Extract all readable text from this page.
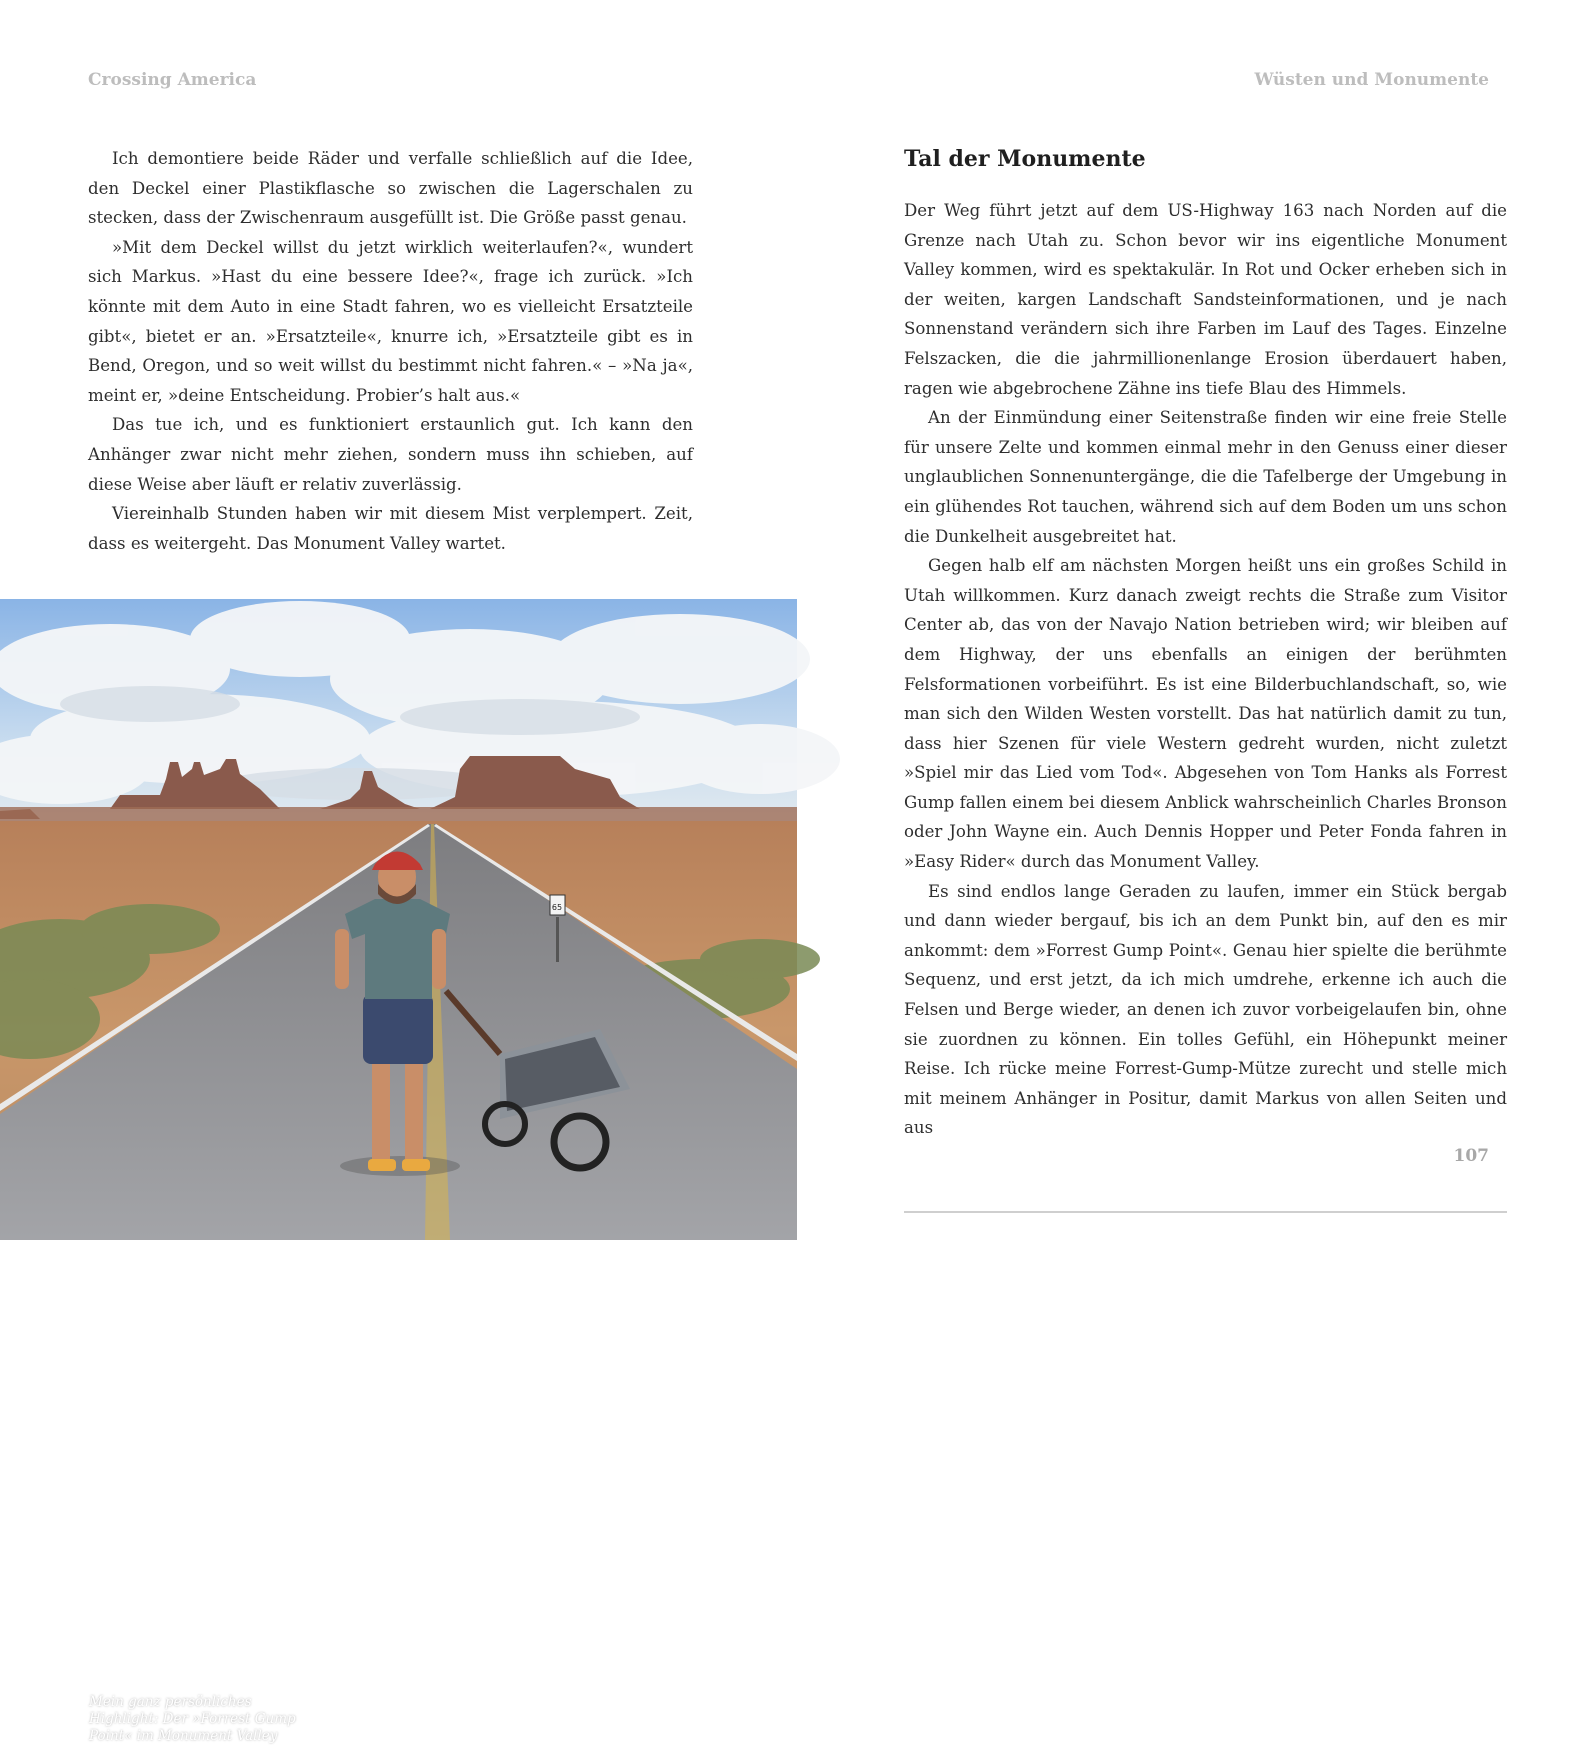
Crossing America	Wüsten und Monumente

Ich demontiere beide Räder und verfalle schließlich auf die Idee, den Deckel einer Plastikflasche so zwischen die Lagerschalen zu stecken, dass der Zwischenraum ausgefüllt ist. Die Größe passt genau.

»Mit dem Deckel willst du jetzt wirklich weiterlaufen?«, wundert sich Markus. »Hast du eine bessere Idee?«, frage ich zurück. »Ich könnte mit dem Auto in eine Stadt fahren, wo es vielleicht Ersatzteile gibt«, bietet er an. »Ersatzteile«, knurre ich, »Ersatzteile gibt es in Bend, Oregon, und so weit willst du bestimmt nicht fahren.« – »Na ja«, meint er, »deine Entscheidung. Probier’s halt aus.«

Das tue ich, und es funktioniert erstaunlich gut. Ich kann den Anhänger zwar nicht mehr ziehen, sondern muss ihn schieben, auf diese Weise aber läuft er relativ zuverlässig.

Viereinhalb Stunden haben wir mit diesem Mist verplempert. Zeit, dass es weitergeht. Das Monument Valley wartet.

65
Mein ganz persönliches Highlight: Der »Forrest Gump Point« im Monument Valley
Tal der Monumente

Der Weg führt jetzt auf dem US-Highway 163 nach Norden auf die Grenze nach Utah zu. Schon bevor wir ins eigentliche Monument Valley kommen, wird es spektakulär. In Rot und Ocker erheben sich in der weiten, kargen Landschaft Sandsteinformationen, und je nach Sonnenstand verändern sich ihre Farben im Lauf des Tages. Einzelne Felszacken, die die jahrmillionenlange Erosion überdauert haben, ragen wie abgebrochene Zähne ins tiefe Blau des Himmels.

An der Einmündung einer Seitenstraße finden wir eine freie Stelle für unsere Zelte und kommen einmal mehr in den Genuss einer dieser unglaublichen Sonnenuntergänge, die die Tafelberge der Umgebung in ein glühendes Rot tauchen, während sich auf dem Boden um uns schon die Dunkelheit ausgebreitet hat.

Gegen halb elf am nächsten Morgen heißt uns ein großes Schild in Utah willkommen. Kurz danach zweigt rechts die Straße zum Visitor Center ab, das von der Navajo Nation betrieben wird; wir bleiben auf dem Highway, der uns ebenfalls an einigen der berühmten Felsformationen vorbeiführt. Es ist eine Bilderbuchlandschaft, so, wie man sich den Wilden Westen vorstellt. Das hat natürlich damit zu tun, dass hier Szenen für viele Western gedreht wurden, nicht zuletzt »Spiel mir das Lied vom Tod«. Abgesehen von Tom Hanks als Forrest Gump fallen einem bei diesem Anblick wahrscheinlich Charles Bronson oder John Wayne ein. Auch Dennis Hopper und Peter Fonda fahren in »Easy Rider« durch das Monument Valley.

Es sind endlos lange Geraden zu laufen, immer ein Stück bergab und dann wieder bergauf, bis ich an dem Punkt bin, auf den es mir ankommt: dem »Forrest Gump Point«. Genau hier spielte die berühmte Sequenz, und erst jetzt, da ich mich umdrehe, erkenne ich auch die Felsen und Berge wieder, an denen ich zuvor vorbeigelaufen bin, ohne sie zuordnen zu können. Ein tolles Gefühl, ein Höhepunkt meiner Reise. Ich rücke meine Forrest-Gump-Mütze zurecht und stelle mich mit meinem Anhänger in Positur, damit Markus von allen Seiten und aus

107
